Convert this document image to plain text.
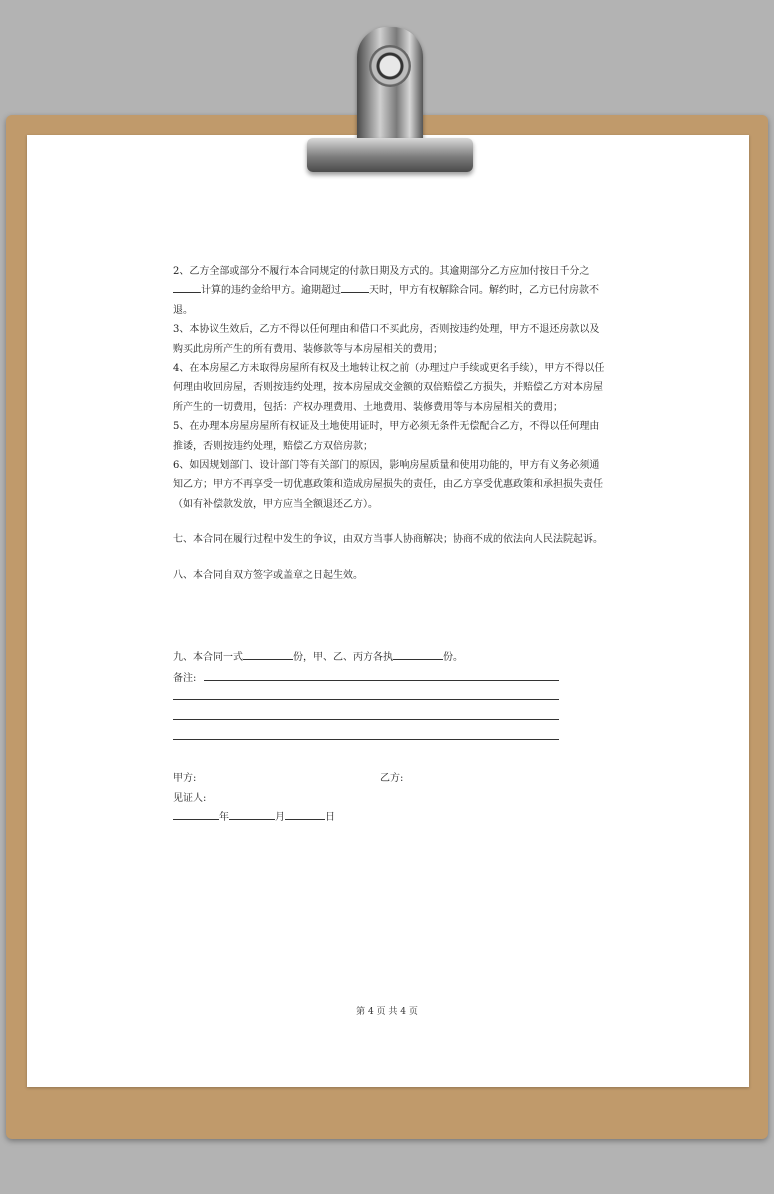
2、乙方全部或部分不履行本合同规定的付款日期及方式的。其逾期部分乙方应加付按日千分之计算的违约金给甲方。逾期超过	天时，甲方有权解除合同。解约时，乙方已付房款不退。

3、本协议生效后，乙方不得以任何理由和借口不买此房，否则按违约处理，甲方不退还房款以及购买此房所产生的所有费用、装修款等与本房屋相关的费用；

4、在本房屋乙方未取得房屋所有权及土地转让权之前（办理过户手续或更名手续），甲方不得以任何理由收回房屋，否则按违约处理，按本房屋成交金额的双倍赔偿乙方损失，并赔偿乙方对本房屋所产生的一切费用，包括：产权办理费用、土地费用、装修费用等与本房屋相关的费用；

5、在办理本房屋房屋所有权证及土地使用证时，甲方必须无条件无偿配合乙方，不得以任何理由推诿，否则按违约处理，赔偿乙方双倍房款；

6、如因规划部门、设计部门等有关部门的原因，影响房屋质量和使用功能的，甲方有义务必须通知乙方；甲方不再享受一切优惠政策和造成房屋损失的责任，由乙方享受优惠政策和承担损失责任（如有补偿款发放，甲方应当全额退还乙方）。

七、本合同在履行过程中发生的争议，由双方当事人协商解决；协商不成的依法向人民法院起诉。

八、本合同自双方签字或盖章之日起生效。

九、本合同一式	份，甲、乙、丙方各执	份。
备注:
甲方:	乙方:
见证人:
年	月	日
第 4 页 共 4 页
